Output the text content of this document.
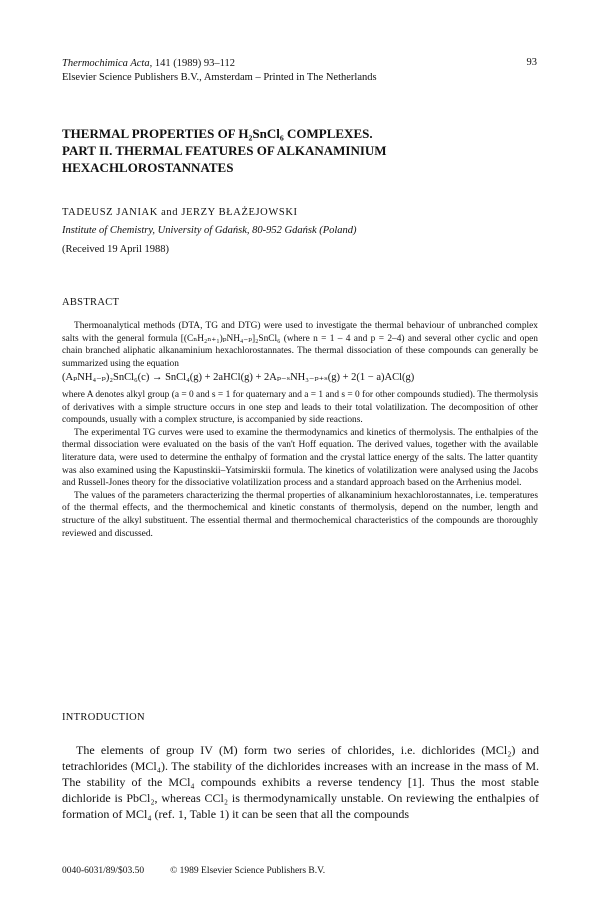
Thermochimica Acta, 141 (1989) 93–112
Elsevier Science Publishers B.V., Amsterdam – Printed in The Netherlands
93
THERMAL PROPERTIES OF H₂SnCl₆ COMPLEXES.
PART II. THERMAL FEATURES OF ALKANAMINIUM
HEXACHLOROSTANNATES
TADEUSZ JANIAK and JERZY BŁAŻEJOWSKI
Institute of Chemistry, University of Gdańsk, 80-952 Gdańsk (Poland)
(Received 19 April 1988)
ABSTRACT

Thermoanalytical methods (DTA, TG and DTG) were used to investigate the thermal behaviour of unbranched complex salts with the general formula [(CₙH₂ₙ₊₁)ₚNH₄₋ₚ]₂SnCl₆ (where n = 1 – 4 and p = 2–4) and several other cyclic and open chain branched aliphatic alkanaminium hexachlorostannates. The thermal dissociation of these compounds can generally be summarized using the equation

(AₚNH₄₋ₚ)₂SnCl₆(c) → SnCl₄(g) + 2aHCl(g) + 2Aₚ₋ₛNH₃₋ₚ₊ₛ(g) + 2(1 − a)ACl(g)

where A denotes alkyl group (a = 0 and s = 1 for quaternary and a = 1 and s = 0 for other compounds studied). The thermolysis of derivatives with a simple structure occurs in one step and leads to their total volatilization. The decomposition of other compounds, usually with a complex structure, is accompanied by side reactions.

The experimental TG curves were used to examine the thermodynamics and kinetics of thermolysis. The enthalpies of the thermal dissociation were evaluated on the basis of the van't Hoff equation. The derived values, together with the available literature data, were used to determine the enthalpy of formation and the crystal lattice energy of the salts. The latter quantity was also examined using the Kapustinskii–Yatsimirskii formula. The kinetics of volatilization were analysed using the Jacobs and Russell-Jones theory for the dissociative volatilization process and a standard approach based on the Arrhenius model.

The values of the parameters characterizing the thermal properties of alkanaminium hexachlorostannates, i.e. temperatures of the thermal effects, and the thermochemical and kinetic constants of thermolysis, depend on the number, length and structure of the alkyl substituent. The essential thermal and thermochemical characteristics of the compounds are thoroughly reviewed and discussed.

INTRODUCTION

The elements of group IV (M) form two series of chlorides, i.e. dichlorides (MCl₂) and tetrachlorides (MCl₄). The stability of the dichlorides increases with an increase in the mass of M. The stability of the MCl₄ compounds exhibits a reverse tendency [1]. Thus the most stable dichloride is PbCl₂, whereas CCl₂ is thermodynamically unstable. On reviewing the enthalpies of formation of MCl₄ (ref. 1, Table 1) it can be seen that all the compounds

0040-6031/89/$03.50	© 1989 Elsevier Science Publishers B.V.
